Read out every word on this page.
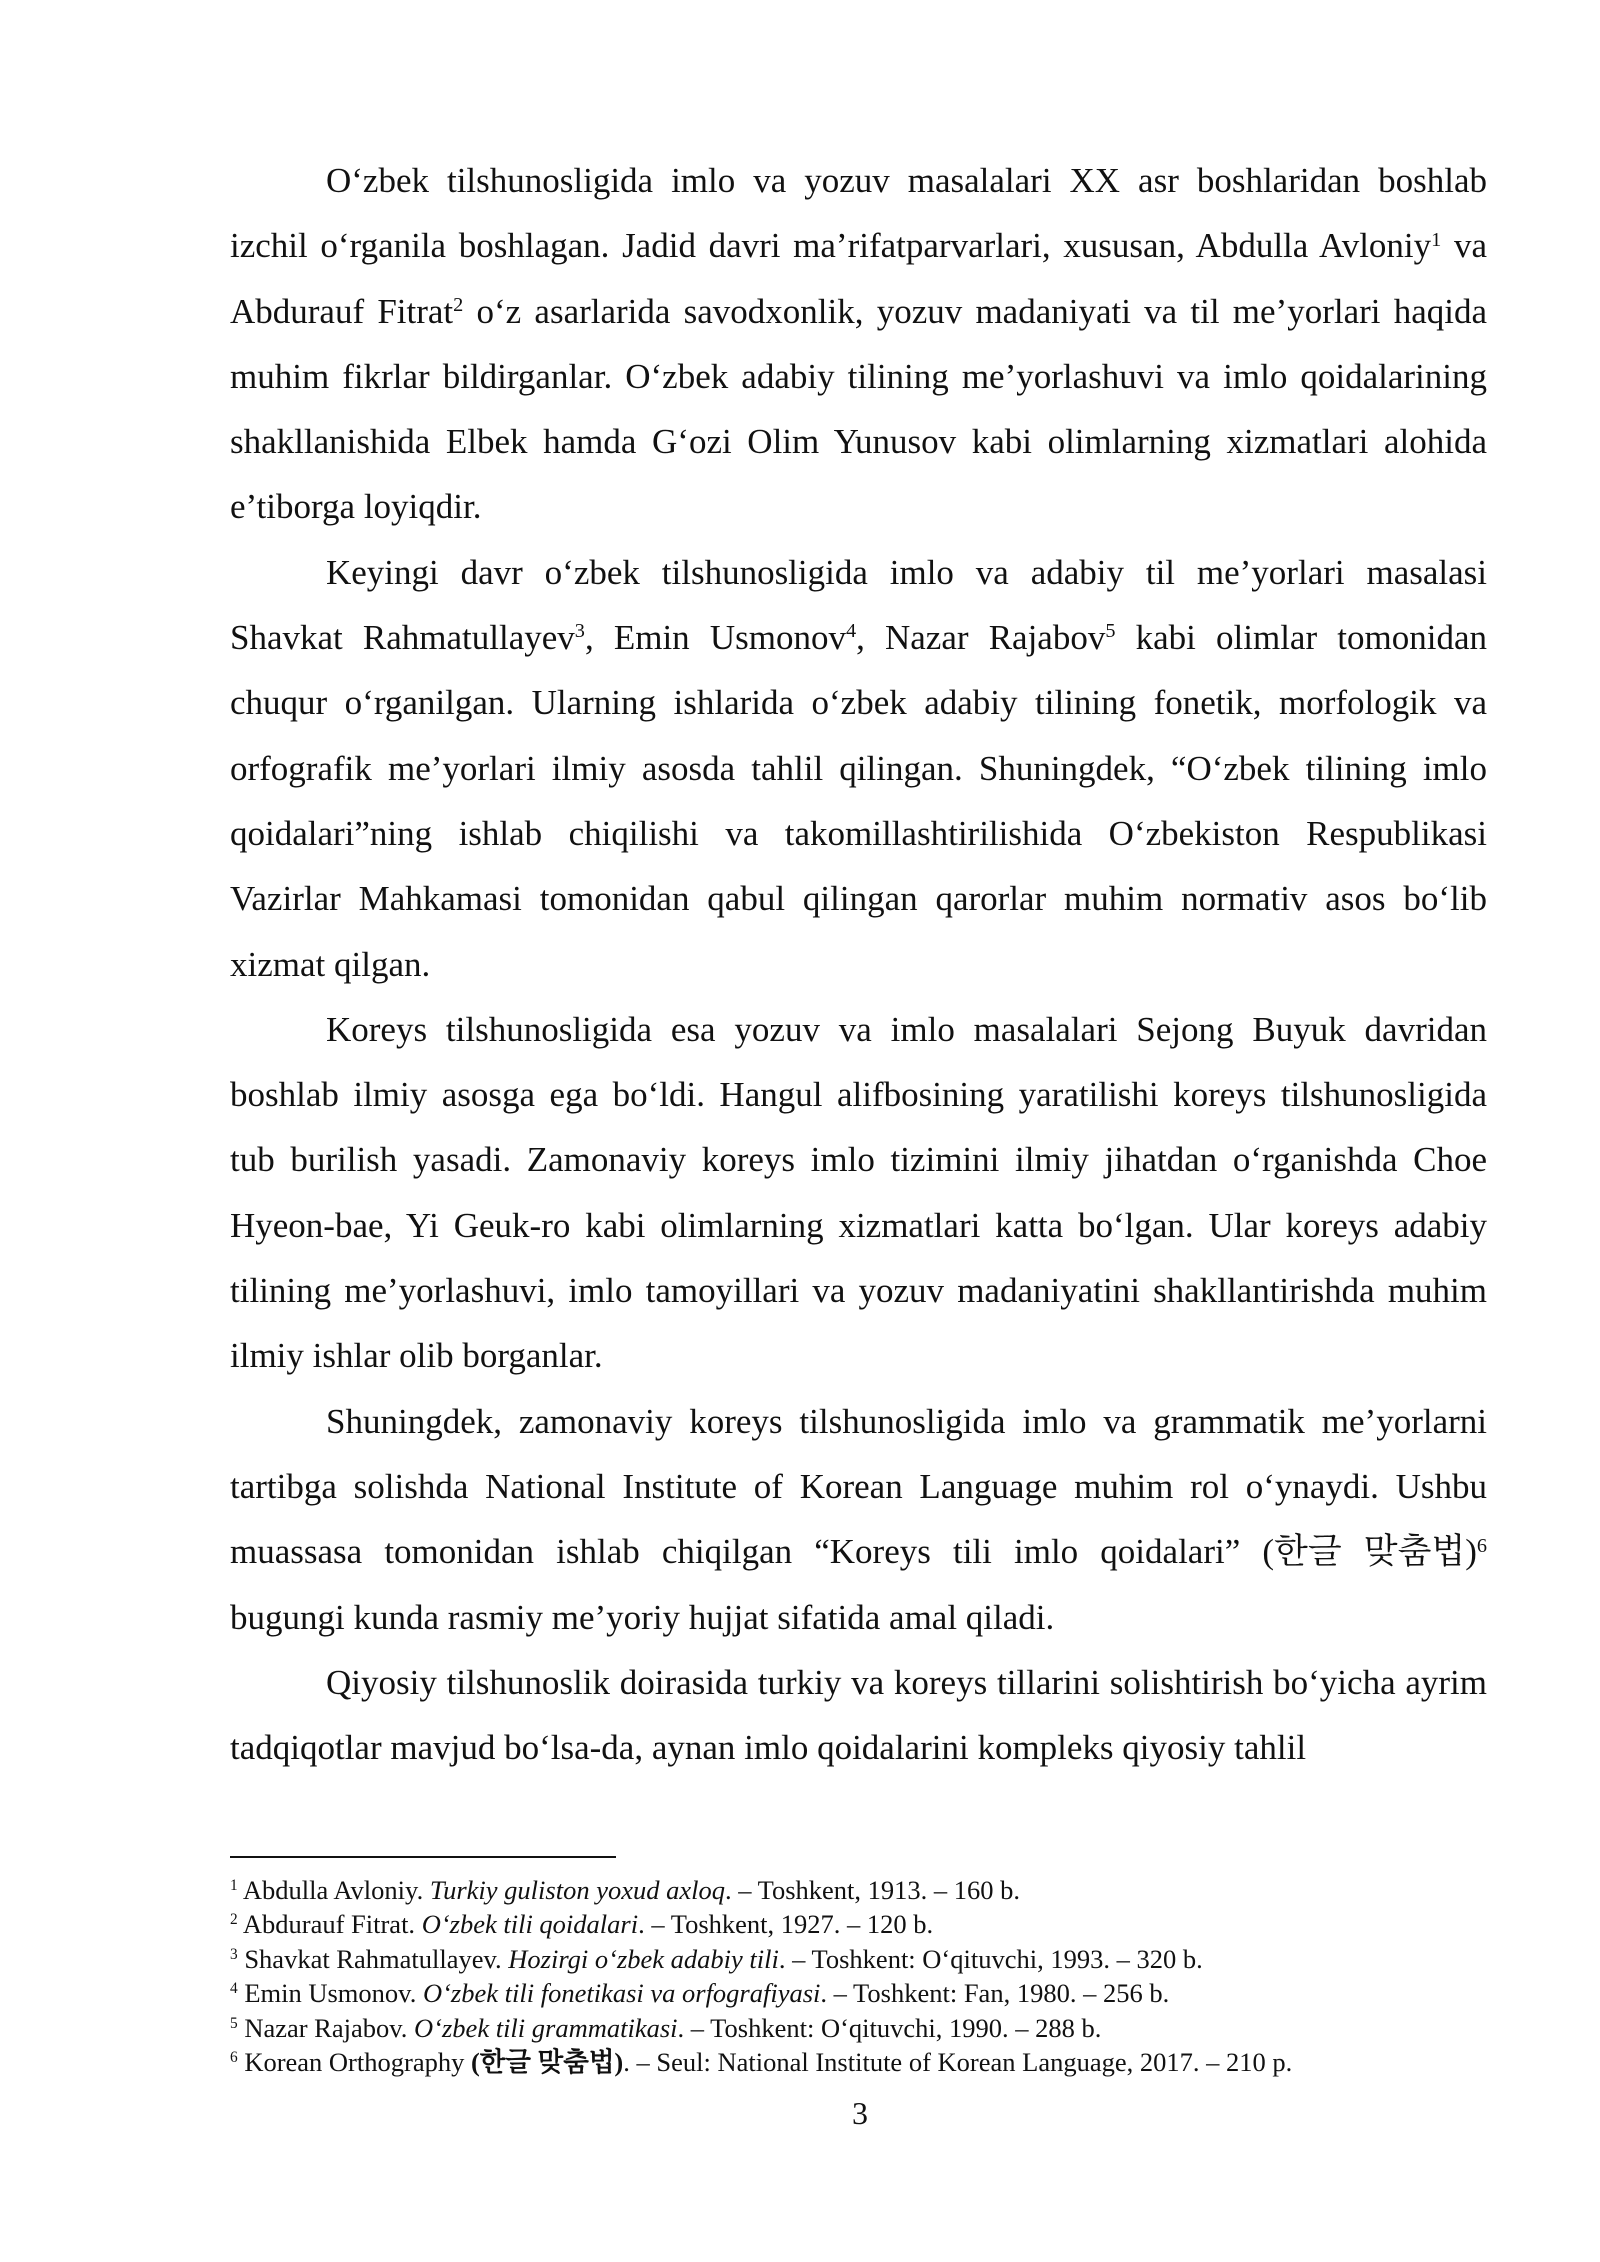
O‘zbek tilshunosligida imlo va yozuv masalalari XX asr boshlaridan boshlab izchil o‘rganila boshlagan. Jadid davri ma’rifatparvarlari, xususan, Abdulla Avloniy$^1$ va Abdurauf Fitrat$^2$ o‘z asarlarida savodxonlik, yozuv madaniyati va til me’yorlari haqida muhim fikrlar bildirganlar. O‘zbek adabiy tilining me’yorlashuvi va imlo qoidalarining shakllanishida Elbek hamda G‘ozi Olim Yunusov kabi olimlarning xizmatlari alohida e’tiborga loyiqdir.

Keyingi davr o‘zbek tilshunosligida imlo va adabiy til me’yorlari masalasi Shavkat Rahmatullayev$^3$, Emin Usmonov$^4$, Nazar Rajabov$^5$ kabi olimlar tomonidan chuqur o‘rganilgan. Ularning ishlarida o‘zbek adabiy tilining fonetik, morfologik va orfografik me’yorlari ilmiy asosda tahlil qilingan. Shuningdek, “O‘zbek tilining imlo qoidalari”ning ishlab chiqilishi va takomillashtirilishida O‘zbekiston Respublikasi Vazirlar Mahkamasi tomonidan qabul qilingan qarorlar muhim normativ asos bo‘lib xizmat qilgan.

Koreys tilshunosligida esa yozuv va imlo masalalari Sejong Buyuk davridan boshlab ilmiy asosga ega bo‘ldi. Hangul alifbosining yaratilishi koreys tilshunosligida tub burilish yasadi. Zamonaviy koreys imlo tizimini ilmiy jihatdan o‘rganishda Choe Hyeon-bae, Yi Geuk-ro kabi olimlarning xizmatlari katta bo‘lgan. Ular koreys adabiy tilining me’yorlashuvi, imlo tamoyillari va yozuv madaniyatini shakllantirishda muhim ilmiy ishlar olib borganlar.

Shuningdek, zamonaviy koreys tilshunosligida imlo va grammatik me’yorlarni tartibga solishda National Institute of Korean Language muhim rol o‘ynaydi. Ushbu muassasa tomonidan ishlab chiqilgan “Koreys tili imlo qoidalari” (한글 맞춤법)$^6$ bugungi kunda rasmiy me’yoriy hujjat sifatida amal qiladi.

Qiyosiy tilshunoslik doirasida turkiy va koreys tillarini solishtirish bo‘yicha ayrim tadqiqotlar mavjud bo‘lsa-da, aynan imlo qoidalarini kompleks qiyosiy tahlil

$^1$ Abdulla Avloniy. Turkiy guliston yoxud axloq. – Toshkent, 1913. – 160 b.

$^2$ Abdurauf Fitrat. O‘zbek tili qoidalari. – Toshkent, 1927. – 120 b.

$^3$ Shavkat Rahmatullayev. Hozirgi o‘zbek adabiy tili. – Toshkent: O‘qituvchi, 1993. – 320 b.

$^4$ Emin Usmonov. O‘zbek tili fonetikasi va orfografiyasi. – Toshkent: Fan, 1980. – 256 b.

$^5$ Nazar Rajabov. O‘zbek tili grammatikasi. – Toshkent: O‘qituvchi, 1990. – 288 b.

$^6$ Korean Orthography (한글 맞춤법). – Seul: National Institute of Korean Language, 2017. – 210 p.

3
